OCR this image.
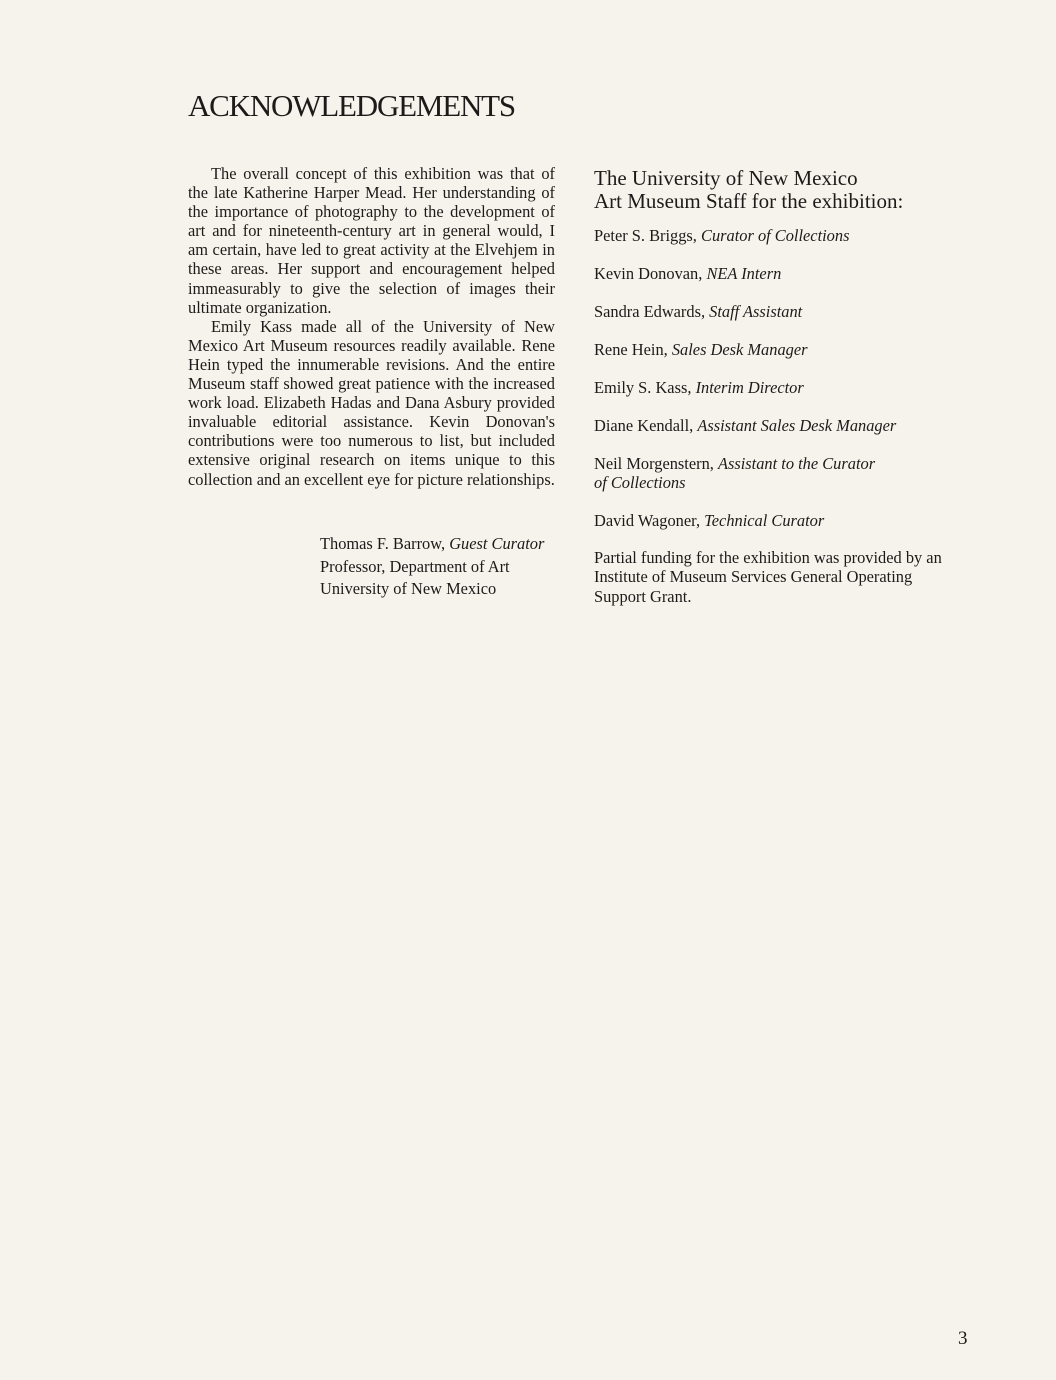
ACKNOWLEDGEMENTS

The overall concept of this exhibition was that of the late Katherine Harper Mead. Her understanding of the importance of photography to the development of art and for nineteenth-century art in general would, I am certain, have led to great activity at the Elvehjem in these areas. Her support and encouragement helped immeasurably to give the selection of images their ultimate organization.

Emily Kass made all of the University of New Mexico Art Museum resources readily available. Rene Hein typed the innumerable revisions. And the entire Museum staff showed great patience with the increased work load. Elizabeth Hadas and Dana Asbury provided invaluable editorial assistance. Kevin Donovan's contributions were too numerous to list, but included extensive original research on items unique to this collection and an excellent eye for picture relationships.

Thomas F. Barrow, Guest Curator
Professor, Department of Art
University of New Mexico
The University of New Mexico
Art Museum Staff for the exhibition:
Peter S. Briggs, Curator of Collections
Kevin Donovan, NEA Intern
Sandra Edwards, Staff Assistant
Rene Hein, Sales Desk Manager
Emily S. Kass, Interim Director
Diane Kendall, Assistant Sales Desk Manager
Neil Morgenstern, Assistant to the Curator
of Collections
David Wagoner, Technical Curator

Partial funding for the exhibition was provided by an Institute of Museum Services General Operating Support Grant.

3
